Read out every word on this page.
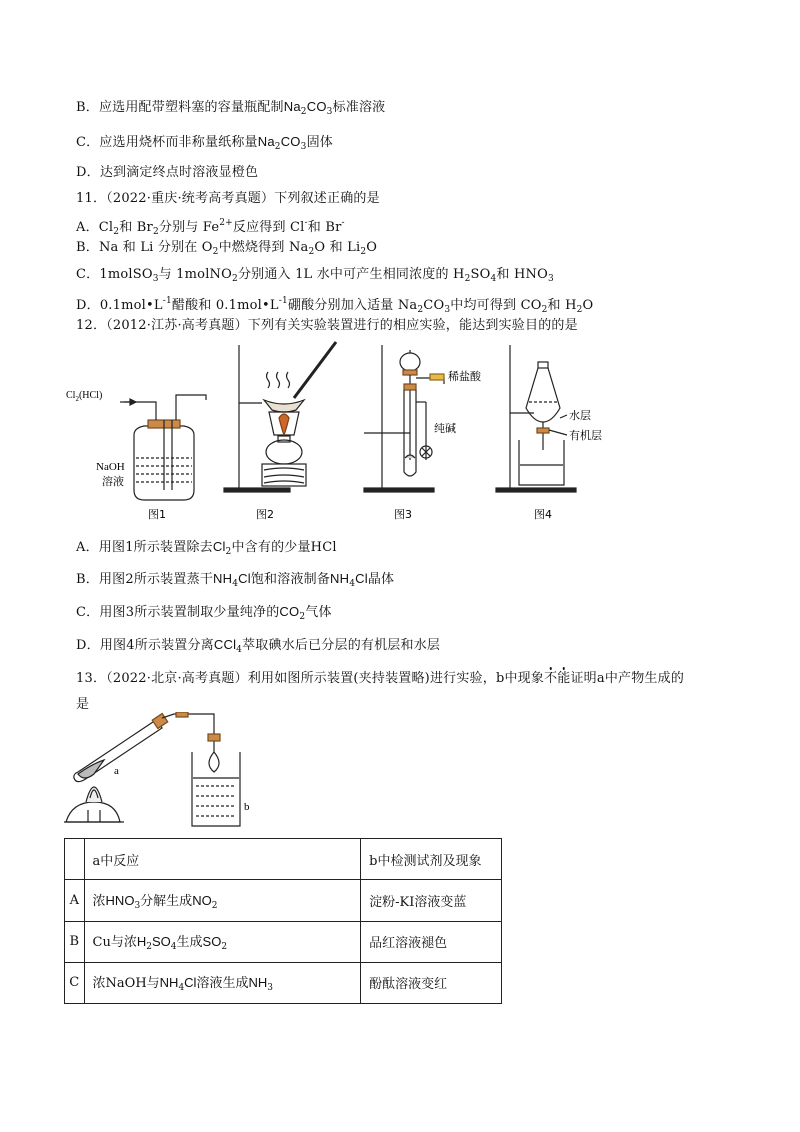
B．应选用配带塑料塞的容量瓶配制$Na_2CO_3$标准溶液
C．应选用烧杯而非称量纸称量$Na_2CO_3$固体
D．达到滴定终点时溶液显橙色
11．（2022·重庆·统考高考真题）下列叙述正确的是
A．$Cl_2$和 $Br_2$分别与 $Fe^{2+}$反应得到 Cl-和 Br-
B．Na 和 Li 分别在 $O_2$中燃烧得到 $Na_2O$ 和 $Li_2O$
C．1molSO$_3$与 1molNO$_2$分别通入 1L 水中可产生相同浓度的 $H_2SO_4$和 $HNO_3$
D．$0.1mol•L^{-1}$醋酸和 $0.1mol•L^{-1}$硼酸分别加入适量 $Na_2CO_3$中均可得到 $CO_2$和 $H_2O$
12．（2012·江苏·高考真题）下列有关实验装置进行的相应实验，能达到实验目的的是
$Cl_2(HCl)$
NaOH
溶液
稀盐酸
纯碱
水层
有机层
图1	图2	图3	图4
A．用图1所示装置除去$Cl_2$中含有的少量HCl
B．用图2所示装置蒸干$NH_4Cl$饱和溶液制备$NH_4Cl$晶体
C．用图3所示装置制取少量纯净的$CO_2$气体
D．用图4所示装置分离CCl$_4$萃取碘水后已分层的有机层和水层
13．（2022·北京·高考真题）利用如图所示装置(夹持装置略)进行实验，b中现象不能证明a中产物生成的
是
a
b
	a中反应	b中检测试剂及现象
A	浓$HNO_3$分解生成$NO_2$	淀粉-KI溶液变蓝
B	Cu与浓$H_2SO_4$生成$SO_2$	品红溶液褪色
C	浓NaOH与$NH_4Cl$溶液生成$NH_3$	酚酞溶液变红
